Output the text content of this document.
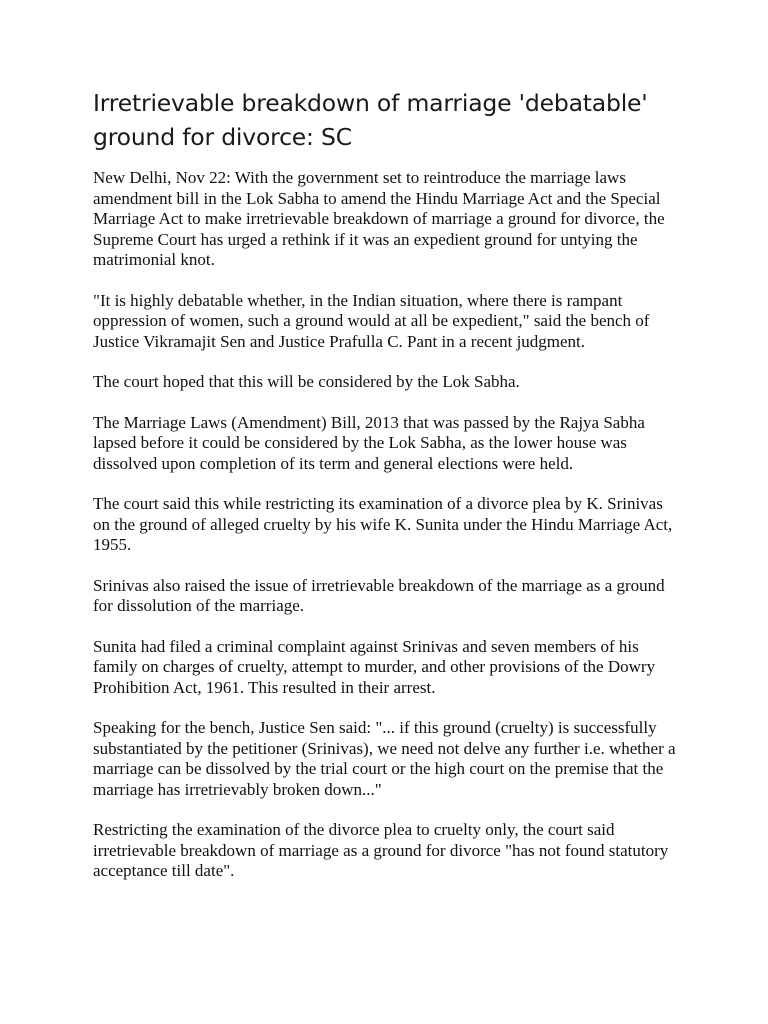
Irretrievable breakdown of marriage 'debatable' ground for divorce: SC

New Delhi, Nov 22: With the government set to reintroduce the marriage laws amendment bill in the Lok Sabha to amend the Hindu Marriage Act and the Special Marriage Act to make irretrievable breakdown of marriage a ground for divorce, the Supreme Court has urged a rethink if it was an expedient ground for untying the matrimonial knot.

"It is highly debatable whether, in the Indian situation, where there is rampant oppression of women, such a ground would at all be expedient," said the bench of Justice Vikramajit Sen and Justice Prafulla C. Pant in a recent judgment.

The court hoped that this will be considered by the Lok Sabha.

The Marriage Laws (Amendment) Bill, 2013 that was passed by the Rajya Sabha lapsed before it could be considered by the Lok Sabha, as the lower house was dissolved upon completion of its term and general elections were held.

The court said this while restricting its examination of a divorce plea by K. Srinivas on the ground of alleged cruelty by his wife K. Sunita under the Hindu Marriage Act, 1955.

Srinivas also raised the issue of irretrievable breakdown of the marriage as a ground for dissolution of the marriage.

Sunita had filed a criminal complaint against Srinivas and seven members of his family on charges of cruelty, attempt to murder, and other provisions of the Dowry Prohibition Act, 1961. This resulted in their arrest.

Speaking for the bench, Justice Sen said: "... if this ground (cruelty) is successfully substantiated by the petitioner (Srinivas), we need not delve any further i.e. whether a marriage can be dissolved by the trial court or the high court on the premise that the marriage has irretrievably broken down..."

Restricting the examination of the divorce plea to cruelty only, the court said irretrievable breakdown of marriage as a ground for divorce "has not found statutory acceptance till date".
